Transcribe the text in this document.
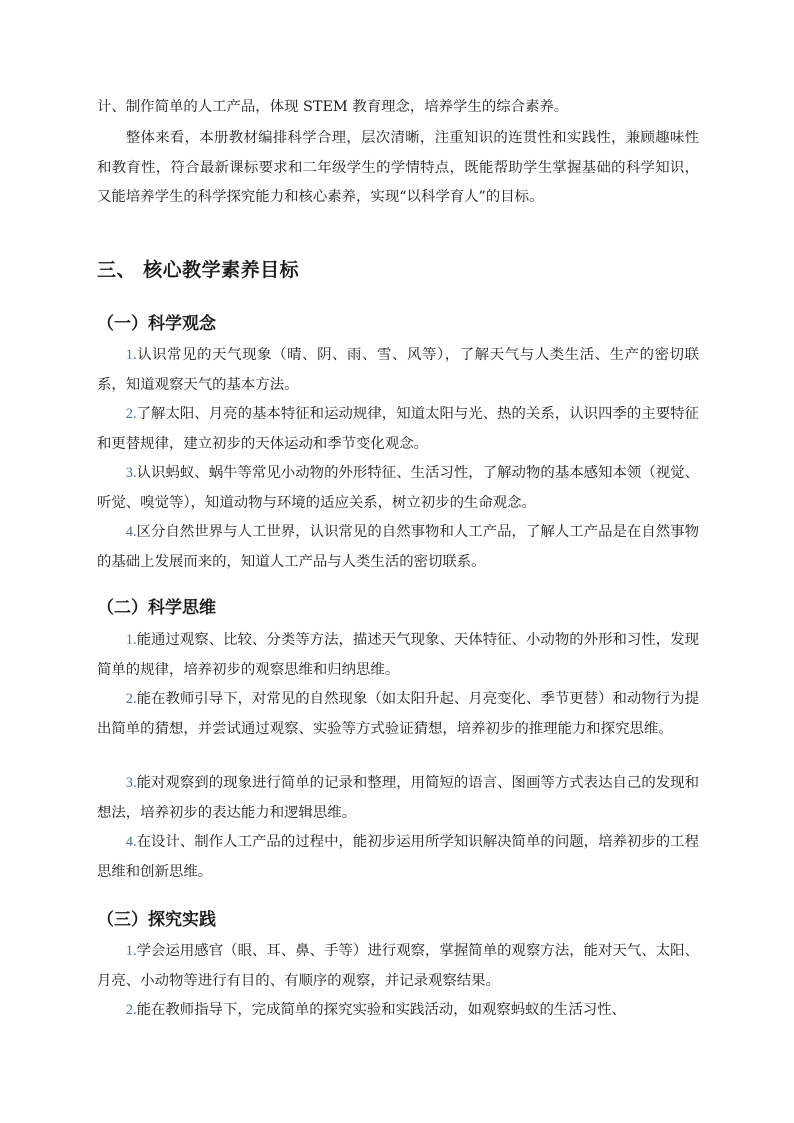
计、制作简单的人工产品，体现 STEM 教育理念，培养学生的综合素养。

整体来看，本册教材编排科学合理，层次清晰，注重知识的连贯性和实践性，兼顾趣味性和教育性，符合最新课标要求和二年级学生的学情特点，既能帮助学生掌握基础的科学知识，又能培养学生的科学探究能力和核心素养，实现“以科学育人”的目标。

三、 核心教学素养目标
（一）科学观念

1.认识常见的天气现象（晴、阴、雨、雪、风等），了解天气与人类生活、生产的密切联系，知道观察天气的基本方法。

2.了解太阳、月亮的基本特征和运动规律，知道太阳与光、热的关系，认识四季的主要特征和更替规律，建立初步的天体运动和季节变化观念。

3.认识蚂蚁、蜗牛等常见小动物的外形特征、生活习性，了解动物的基本感知本领（视觉、听觉、嗅觉等），知道动物与环境的适应关系，树立初步的生命观念。

4.区分自然世界与人工世界，认识常见的自然事物和人工产品，了解人工产品是在自然事物的基础上发展而来的，知道人工产品与人类生活的密切联系。

（二）科学思维

1.能通过观察、比较、分类等方法，描述天气现象、天体特征、小动物的外形和习性，发现简单的规律，培养初步的观察思维和归纳思维。

2.能在教师引导下，对常见的自然现象（如太阳升起、月亮变化、季节更替）和动物行为提出简单的猜想，并尝试通过观察、实验等方式验证猜想，培养初步的推理能力和探究思维。

3.能对观察到的现象进行简单的记录和整理，用简短的语言、图画等方式表达自己的发现和想法，培养初步的表达能力和逻辑思维。

4.在设计、制作人工产品的过程中，能初步运用所学知识解决简单的问题，培养初步的工程思维和创新思维。

（三）探究实践

1.学会运用感官（眼、耳、鼻、手等）进行观察，掌握简单的观察方法，能对天气、太阳、月亮、小动物等进行有目的、有顺序的观察，并记录观察结果。

2.能在教师指导下，完成简单的探究实验和实践活动，如观察蚂蚁的生活习性、
